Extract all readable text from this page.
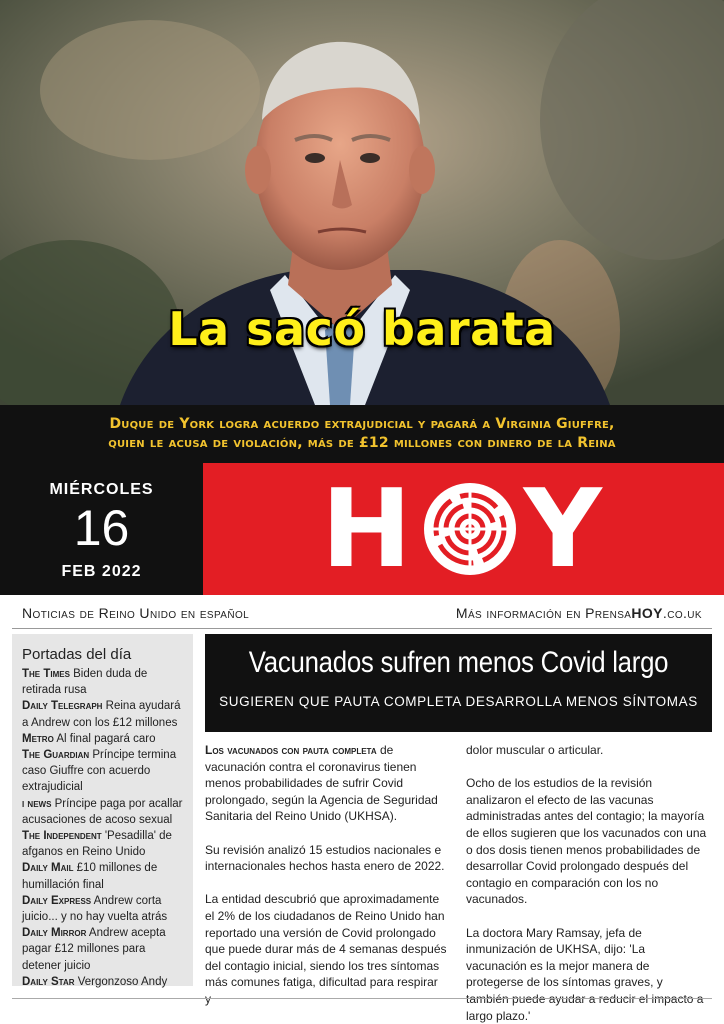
La sacó barata
Duque de York logra acuerdo extrajudicial y pagará a Virginia Giuffre,
quien le acusa de violación, más de £12 millones con dinero de la Reina
MIÉRCOLES
16
FEB 2022	H Y
Noticias de Reino Unido en español	Más información en PrensaHOY.co.uk
Portadas del día
The Times Biden duda de retirada rusa
Daily Telegraph Reina ayudará a Andrew con los £12 millones
Metro Al final pagará caro
The Guardian Príncipe termina caso Giuffre con acuerdo extrajudicial
i news Príncipe paga por acallar acusaciones de acoso sexual
The Independent 'Pesadilla' de afganos en Reino Unido
Daily Mail £10 millones de humillación final
Daily Express Andrew corta juicio... y no hay vuelta atrás
Daily Mirror Andrew acepta pagar £12 millones para detener juicio
Daily Star Vergonzoso Andy
Vacunados sufren menos Covid largo
SUGIEREN QUE PAUTA COMPLETA DESARROLLA MENOS SÍNTOMAS

Los vacunados con pauta completa de vacunación contra el coronavirus tienen menos probabilidades de sufrir Covid prolongado, según la Agencia de Seguridad Sanitaria del Reino Unido (UKHSA).

Su revisión analizó 15 estudios nacionales e internacionales hechos hasta enero de 2022.

La entidad descubrió que aproximadamente el 2% de los ciudadanos de Reino Unido han reportado una versión de Covid prolongado que puede durar más de 4 semanas después del contagio inicial, siendo los tres síntomas más comunes fatiga, dificultad para respirar

dolor muscular o articular.

Ocho de los estudios de la revisión analizaron el efecto de las vacunas administradas antes del contagio; la mayoría de ellos sugieren que los vacunados con una o dos dosis tienen menos probabilidades de desarrollar Covid prolongado después del contagio en comparación con los no vacunados.

La doctora Mary Ramsay, jefa de inmunización de UKHSA, dijo: 'La vacunación es la mejor manera de protegerse de los síntomas graves, y largo plazo.'
